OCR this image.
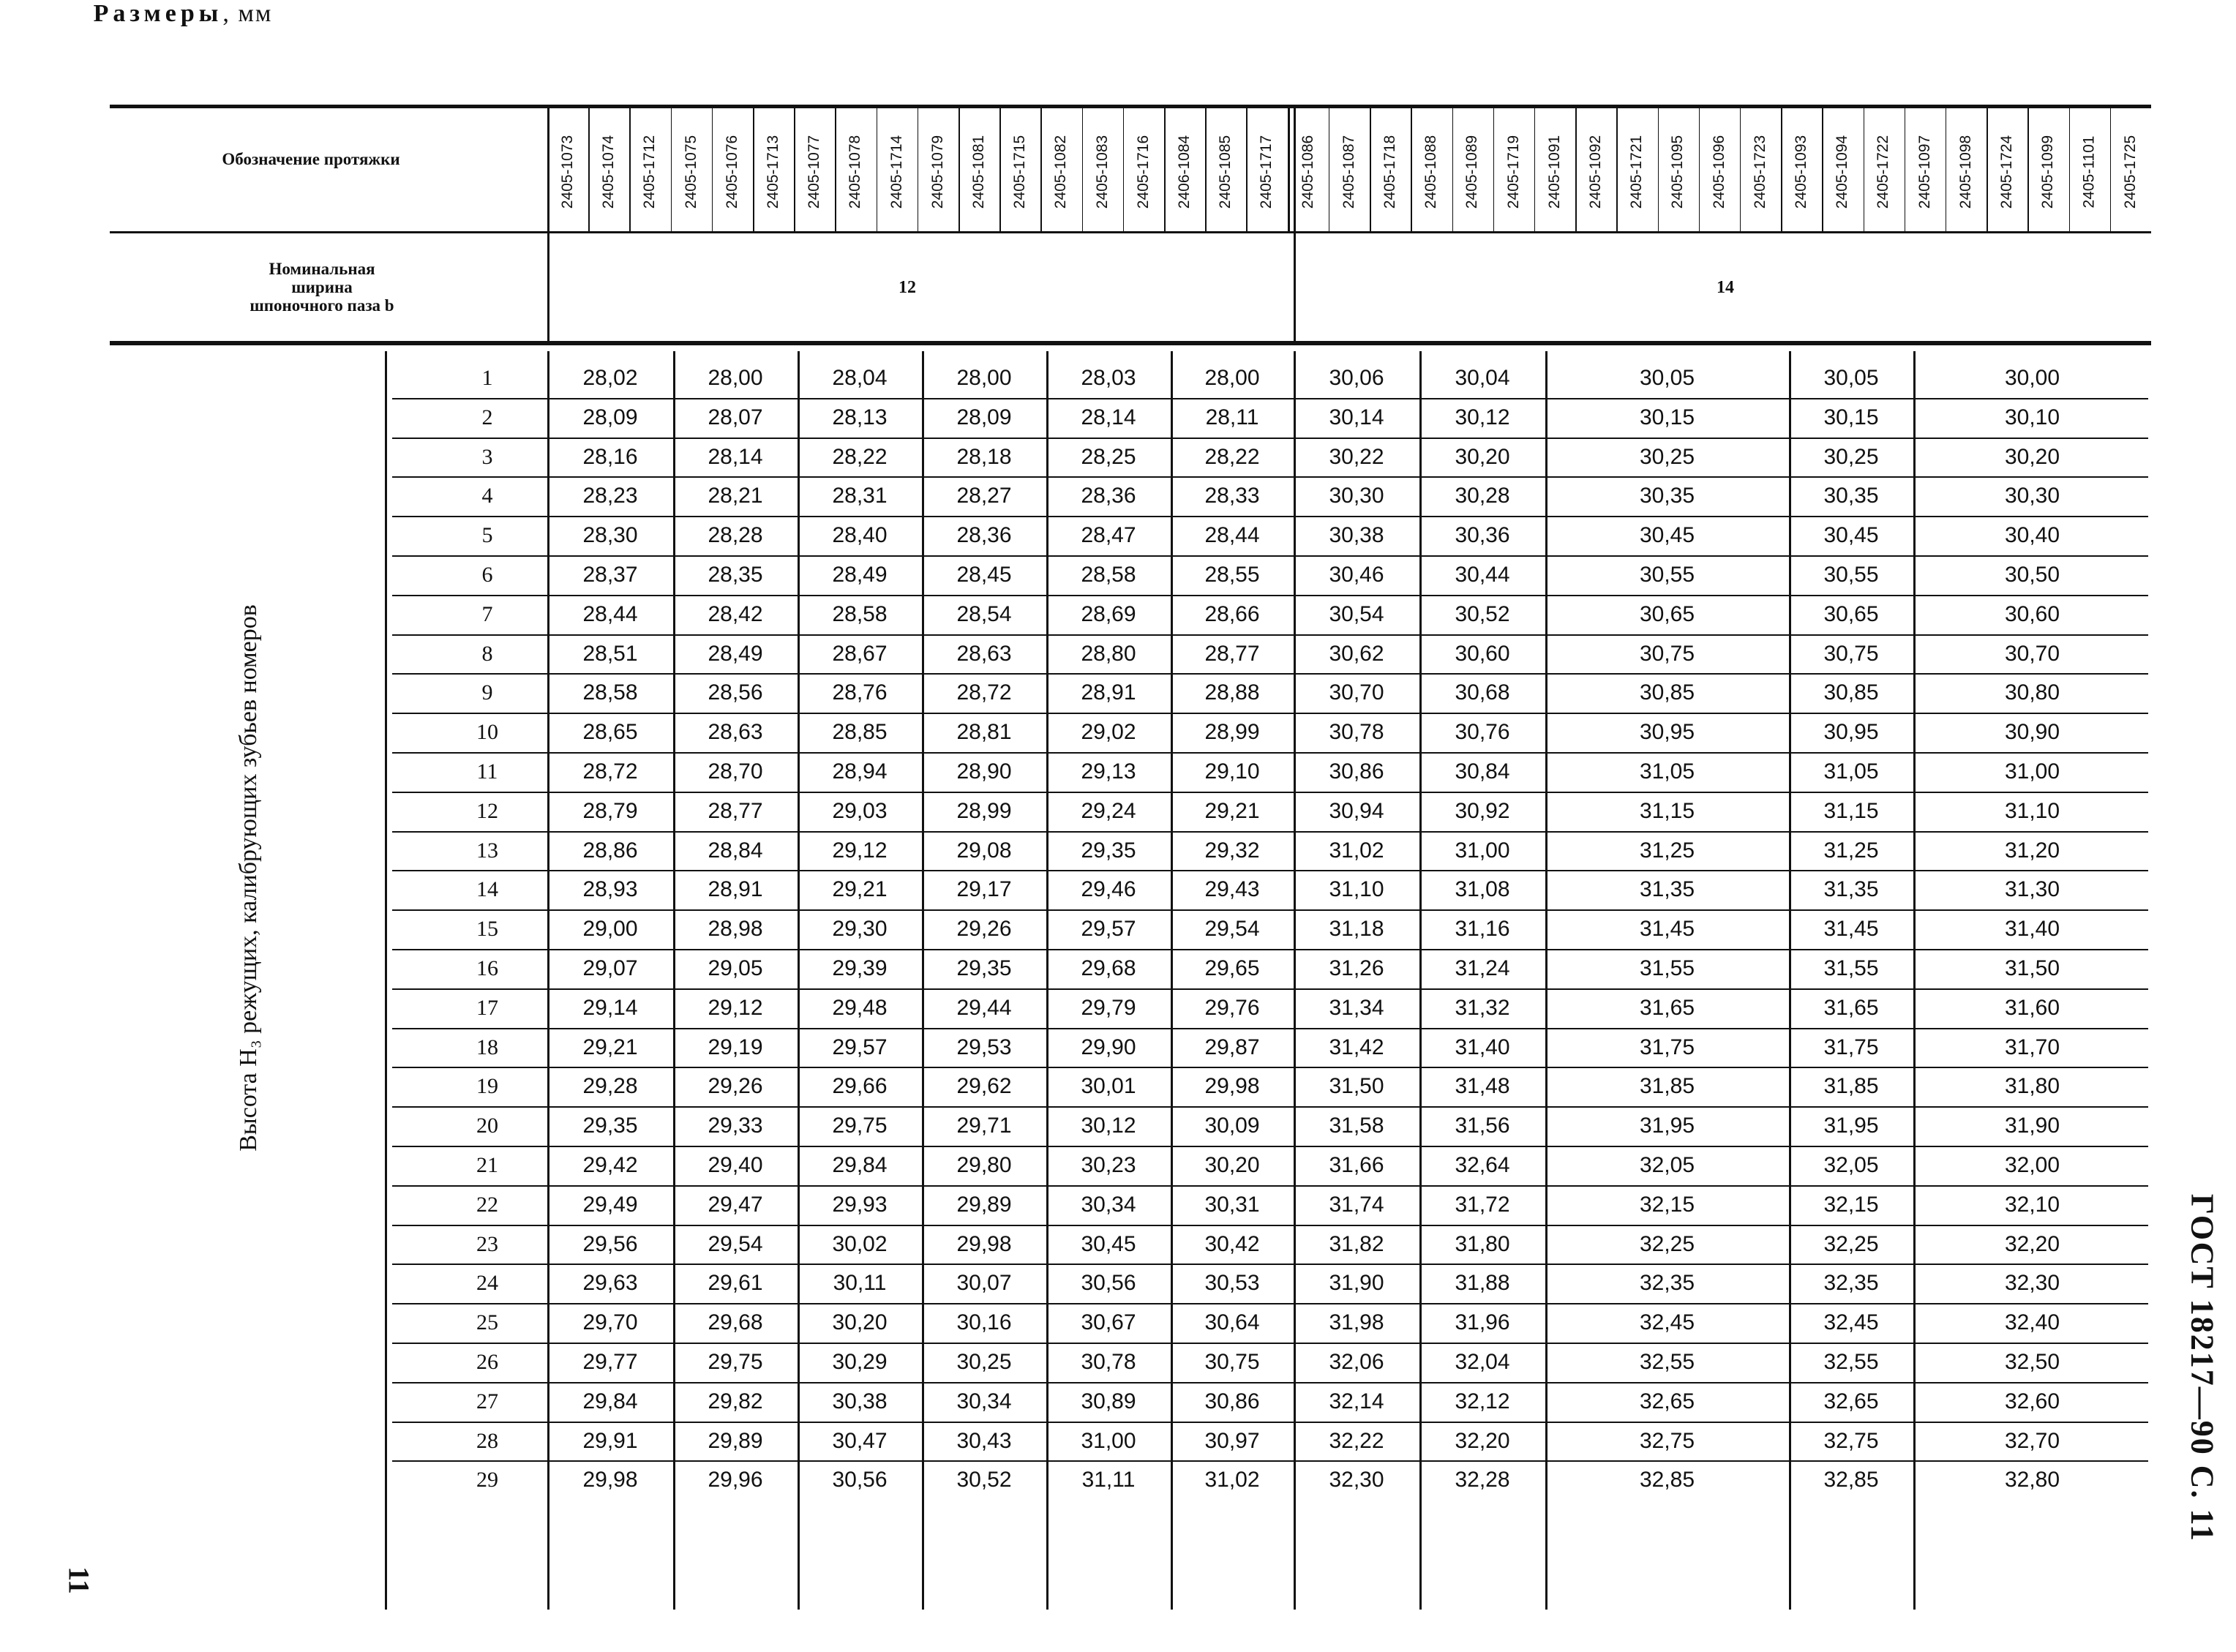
Размеры, мм
Обозначение протяжки
Номинальная
ширина
шпоночного паза b
2405-1073 2405-1074 2405-1712 2405-1075 2405-1076 2405-1713 2405-1077 2405-1078 2405-1714 2405-1079 2405-1081 2405-1715 2405-1082 2405-1083 2405-1716 2406-1084 2405-1085 2405-1717 2405-1086 2405-1087 2405-1718 2405-1088 2405-1089 2405-1719 2405-1091 2405-1092 2405-1721 2405-1095 2405-1096 2405-1723 2405-1093 2405-1094 2405-1722 2405-1097 2405-1098 2405-1724 2405-1099 2405-1101 2405-1725
12	14
Высота H₃ режущих, калибрующих зубьев номеров
1	28,02	28,00	28,04	28,00	28,03	28,00	30,06	30,04	30,05	30,05	30,00
2	28,09	28,07	28,13	28,09	28,14	28,11	30,14	30,12	30,15	30,15	30,10
3	28,16	28,14	28,22	28,18	28,25	28,22	30,22	30,20	30,25	30,25	30,20
4	28,23	28,21	28,31	28,27	28,36	28,33	30,30	30,28	30,35	30,35	30,30
5	28,30	28,28	28,40	28,36	28,47	28,44	30,38	30,36	30,45	30,45	30,40
6	28,37	28,35	28,49	28,45	28,58	28,55	30,46	30,44	30,55	30,55	30,50
7	28,44	28,42	28,58	28,54	28,69	28,66	30,54	30,52	30,65	30,65	30,60
8	28,51	28,49	28,67	28,63	28,80	28,77	30,62	30,60	30,75	30,75	30,70
9	28,58	28,56	28,76	28,72	28,91	28,88	30,70	30,68	30,85	30,85	30,80
10	28,65	28,63	28,85	28,81	29,02	28,99	30,78	30,76	30,95	30,95	30,90
11	28,72	28,70	28,94	28,90	29,13	29,10	30,86	30,84	31,05	31,05	31,00
12	28,79	28,77	29,03	28,99	29,24	29,21	30,94	30,92	31,15	31,15	31,10
13	28,86	28,84	29,12	29,08	29,35	29,32	31,02	31,00	31,25	31,25	31,20
14	28,93	28,91	29,21	29,17	29,46	29,43	31,10	31,08	31,35	31,35	31,30
15	29,00	28,98	29,30	29,26	29,57	29,54	31,18	31,16	31,45	31,45	31,40
16	29,07	29,05	29,39	29,35	29,68	29,65	31,26	31,24	31,55	31,55	31,50
17	29,14	29,12	29,48	29,44	29,79	29,76	31,34	31,32	31,65	31,65	31,60
18	29,21	29,19	29,57	29,53	29,90	29,87	31,42	31,40	31,75	31,75	31,70
19	29,28	29,26	29,66	29,62	30,01	29,98	31,50	31,48	31,85	31,85	31,80
20	29,35	29,33	29,75	29,71	30,12	30,09	31,58	31,56	31,95	31,95	31,90
21	29,42	29,40	29,84	29,80	30,23	30,20	31,66	32,64	32,05	32,05	32,00
22	29,49	29,47	29,93	29,89	30,34	30,31	31,74	31,72	32,15	32,15	32,10
23	29,56	29,54	30,02	29,98	30,45	30,42	31,82	31,80	32,25	32,25	32,20
24	29,63	29,61	30,11	30,07	30,56	30,53	31,90	31,88	32,35	32,35	32,30
25	29,70	29,68	30,20	30,16	30,67	30,64	31,98	31,96	32,45	32,45	32,40
26	29,77	29,75	30,29	30,25	30,78	30,75	32,06	32,04	32,55	32,55	32,50
27	29,84	29,82	30,38	30,34	30,89	30,86	32,14	32,12	32,65	32,65	32,60
28	29,91	29,89	30,47	30,43	31,00	30,97	32,22	32,20	32,75	32,75	32,70
29	29,98	29,96	30,56	30,52	31,11	31,02	32,30	32,28	32,85	32,85	32,80
11
ГОСТ 18217—90 С. 11
